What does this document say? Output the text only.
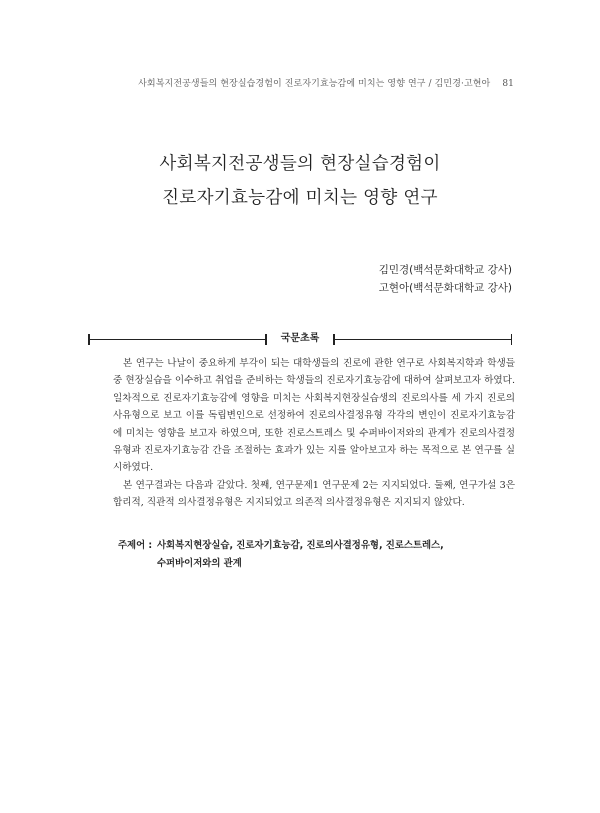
사회복지전공생들의 현장실습경험이 진로자기효능감에 미치는 영향 연구 / 김민경·고현아 81
사회복지전공생들의 현장실습경험이
진로자기효능감에 미치는 영향 연구
김민경(백석문화대학교 강사)
고현아(백석문화대학교 강사)
국문초록

본 연구는 나날이 중요하게 부각이 되는 대학생들의 진로에 관한 연구로 사회복지학과 학생들 중 현장실습을 이수하고 취업을 준비하는 학생들의 진로자기효능감에 대하여 살펴보고자 하였다. 일차적으로 진로자기효능감에 영향을 미치는 사회복지현장실습생의 진로의사를 세 가지 진로의사유형으로 보고 이를 독립변인으로 선정하여 진로의사결정유형 각각의 변인이 진로자기효능감에 미치는 영향을 보고자 하였으며, 또한 진로스트레스 및 수퍼바이저와의 관계가 진로의사결정유형과 진로자기효능감 간을 조절하는 효과가 있는 지를 알아보고자 하는 목적으로 본 연구를 실시하였다.

본 연구결과는 다음과 같았다. 첫째, 연구문제1 연구문제 2는 지지되었다. 둘째, 연구가설 3은 합리적, 직관적 의사결정유형은 지지되었고 의존적 의사결정유형은 지지되지 않았다.

주제어 : 사회복지현장실습, 진로자기효능감, 진로의사결정유형, 진로스트레스,
수퍼바이저와의 관계
